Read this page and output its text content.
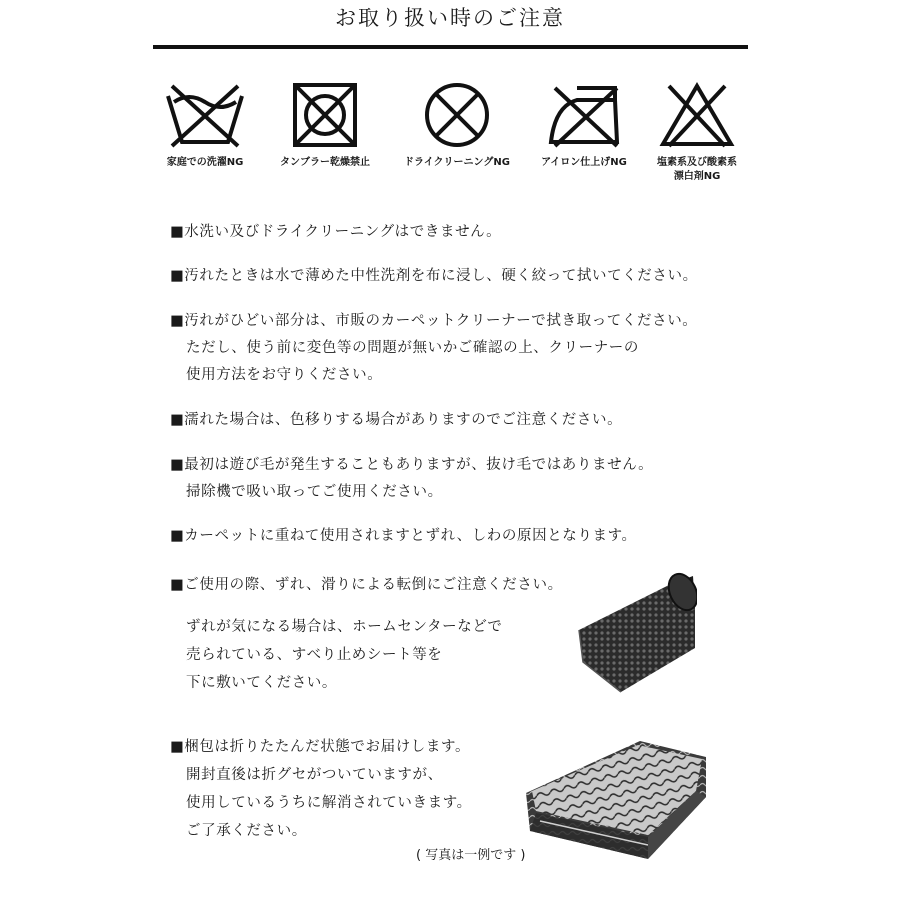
お取り扱い時のご注意
家庭での洗濯NG	タンブラー乾燥禁止	ドライクリーニングNG	アイロン仕上げNG	塩素系及び酸素系
漂白剤NG
■水洗い及びドライクリーニングはできません。
■汚れたときは水で薄めた中性洗剤を布に浸し、硬く絞って拭いてください。
■汚れがひどい部分は、市販のカーペットクリーナーで拭き取ってください。
ただし、使う前に変色等の問題が無いかご確認の上、クリーナーの
使用方法をお守りください。
■濡れた場合は、色移りする場合がありますのでご注意ください。
■最初は遊び毛が発生することもありますが、抜け毛ではありません。
掃除機で吸い取ってご使用ください。
■カーペットに重ねて使用されますとずれ、しわの原因となります。
■ご使用の際、ずれ、滑りによる転倒にご注意ください。
ずれが気になる場合は、ホームセンターなどで
売られている、すべり止めシート等を
下に敷いてください。
■梱包は折りたたんだ状態でお届けします。
開封直後は折グセがついていますが、
使用しているうちに解消されていきます。
ご了承ください。
( 写真は一例です )
